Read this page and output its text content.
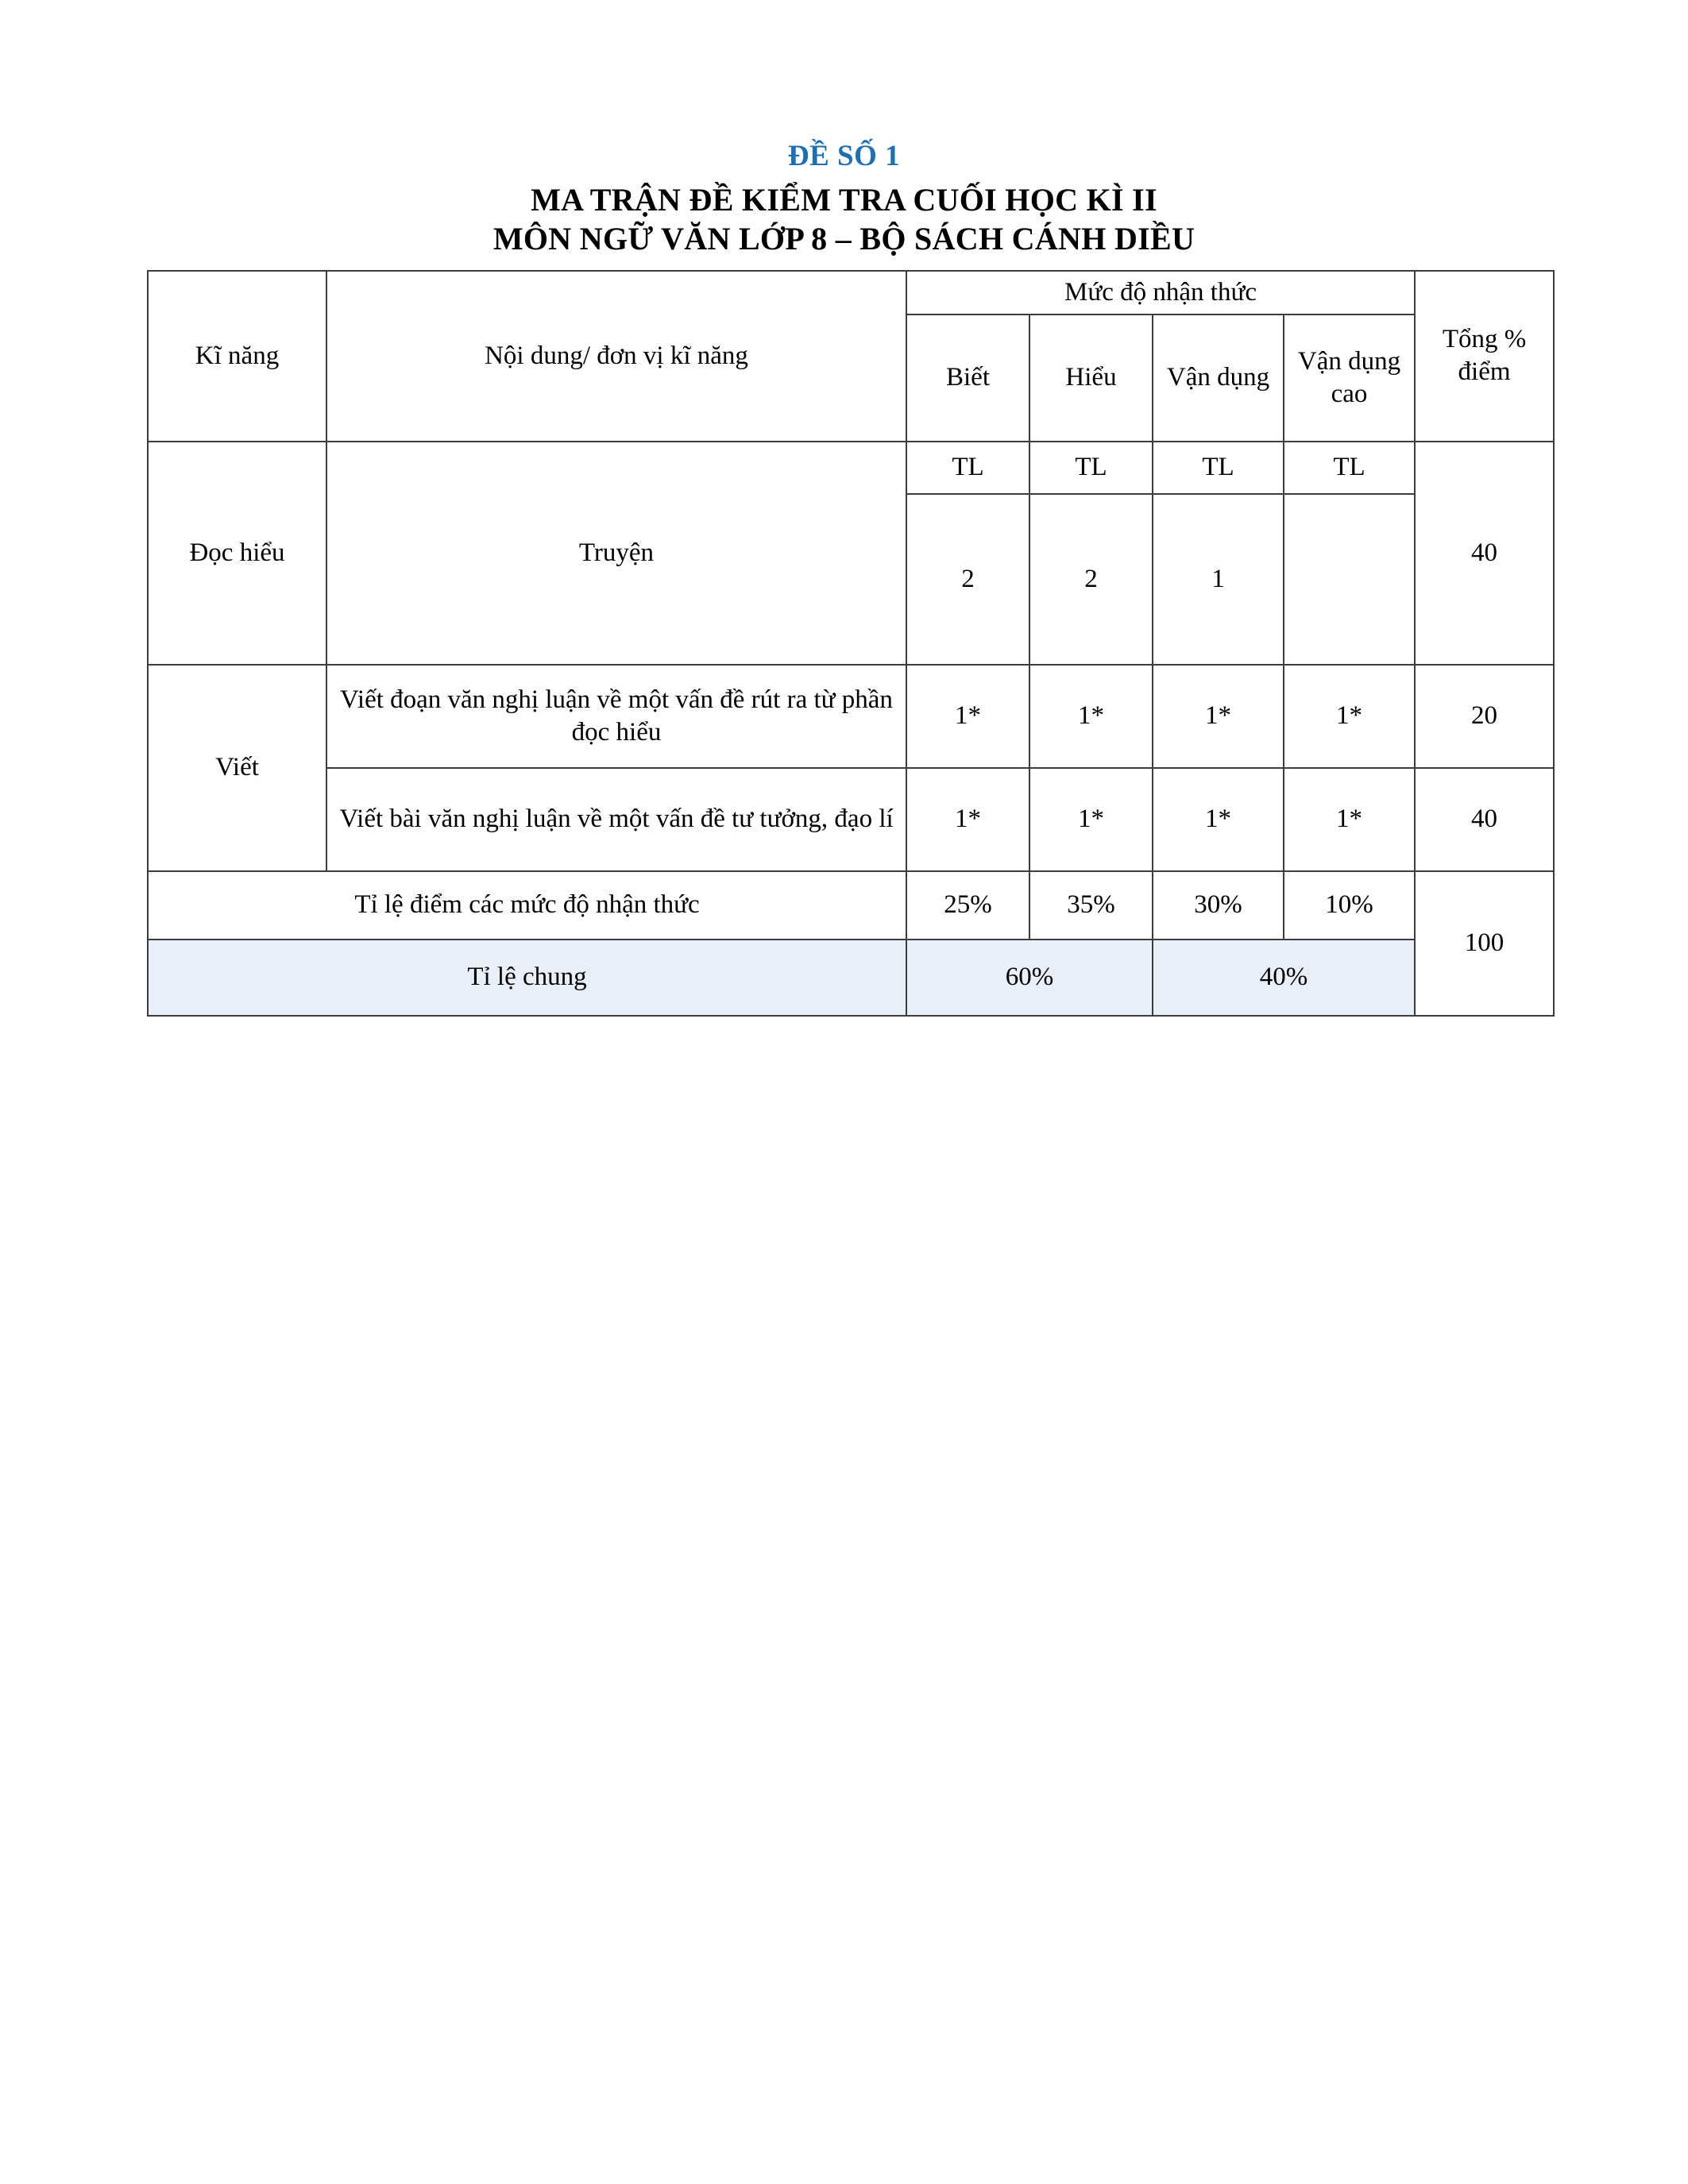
ĐỀ SỐ 1
MA TRẬN ĐỀ KIỂM TRA CUỐI HỌC KÌ II
MÔN NGỮ VĂN LỚP 8 – BỘ SÁCH CÁNH DIỀU
Kĩ năng	Nội dung/ đơn vị kĩ năng	Mức độ nhận thức				Tổng % điểm
		Biết	Hiểu	Vận dụng	Vận dụng cao	
Đọc hiểu	Truyện	TL	TL	TL	TL	40
		2	2	1		
Viết	Viết đoạn văn nghị luận về một vấn đề rút ra từ phần đọc hiểu	1*	1*	1*	1*	20
	Viết bài văn nghị luận về một vấn đề tư tưởng, đạo lí	1*	1*	1*	1*	40
Tỉ lệ điểm các mức độ nhận thức		25%	35%	30%	10%	100
Tỉ lệ chung		60%		40%		
